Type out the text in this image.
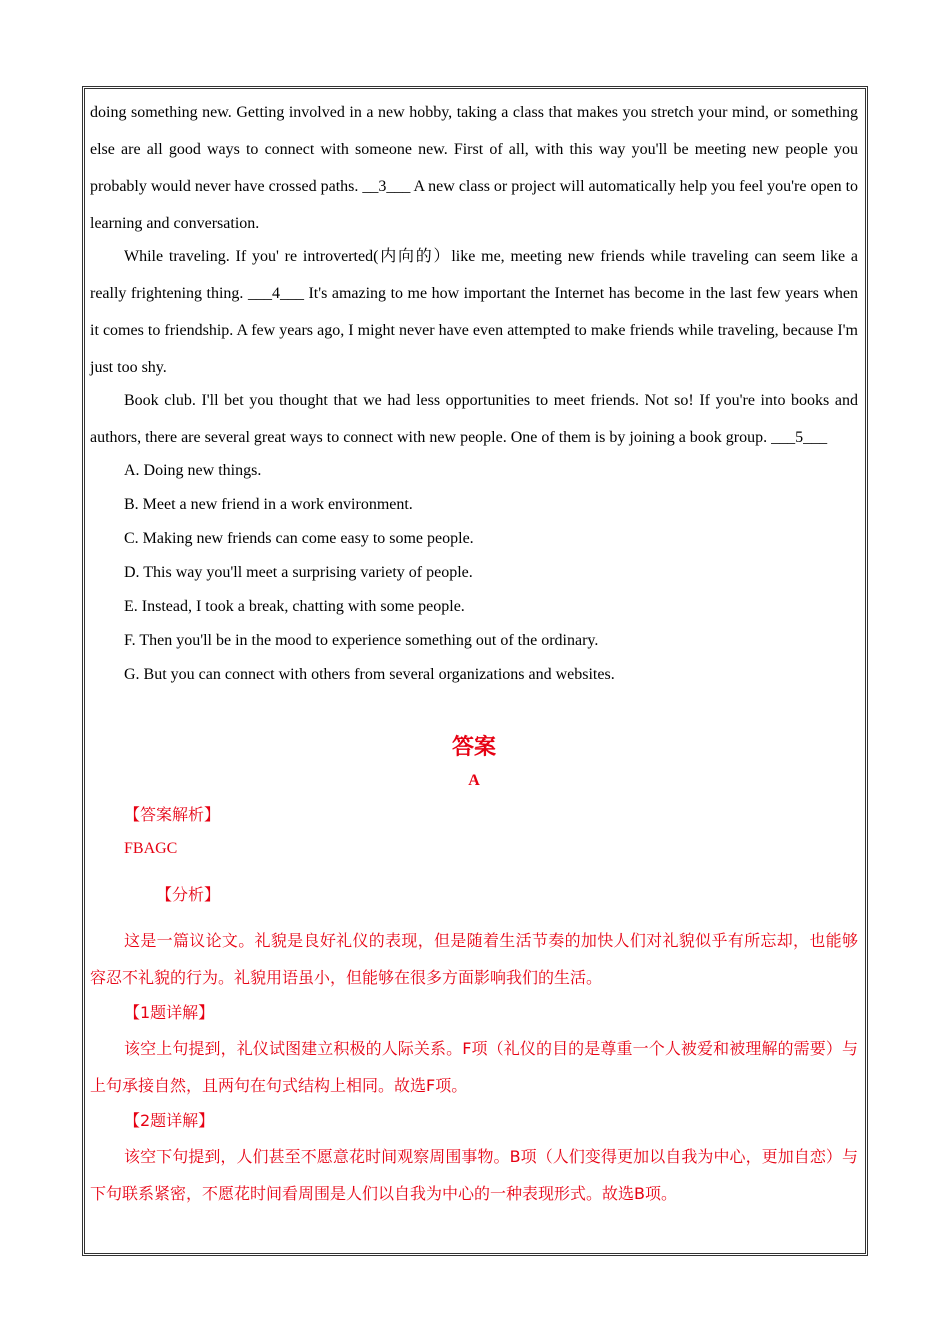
doing something new. Getting involved in a new hobby, taking a class that makes you stretch your mind, or something else are all good ways to connect with someone new. First of all, with this way you'll be meeting new people you probably would never have crossed paths. __3___ A new class or project will automatically help you feel you're open to learning and conversation.

While traveling. If you' re introverted(内向的）like me, meeting new friends while traveling can seem like a really frightening thing. ___4___ It's amazing to me how important the Internet has become in the last few years when it comes to friendship. A few years ago, I might never have even attempted to make friends while traveling, because I'm just too shy.

Book club. I'll bet you thought that we had less opportunities to meet friends. Not so! If you're into books and authors, there are several great ways to connect with new people. One of them is by joining a book group. ___5___

A. Doing new things.

B. Meet a new friend in a work environment.

C. Making new friends can come easy to some people.

D. This way you'll meet a surprising variety of people.

E. Instead, I took a break, chatting with some people.

F. Then you'll be in the mood to experience something out of the ordinary.

G. But you can connect with others from several organizations and websites.

答案
A

【答案解析】

FBAGC

【分析】

这是一篇议论文。礼貌是良好礼仪的表现，但是随着生活节奏的加快人们对礼貌似乎有所忘却，也能够容忍不礼貌的行为。礼貌用语虽小，但能够在很多方面影响我们的生活。

【1题详解】

该空上句提到，礼仪试图建立积极的人际关系。F项（礼仪的目的是尊重一个人被爱和被理解的需要）与上句承接自然，且两句在句式结构上相同。故选F项。

【2题详解】

该空下句提到，人们甚至不愿意花时间观察周围事物。B项（人们变得更加以自我为中心，更加自恋）与下句联系紧密，不愿花时间看周围是人们以自我为中心的一种表现形式。故选B项。
